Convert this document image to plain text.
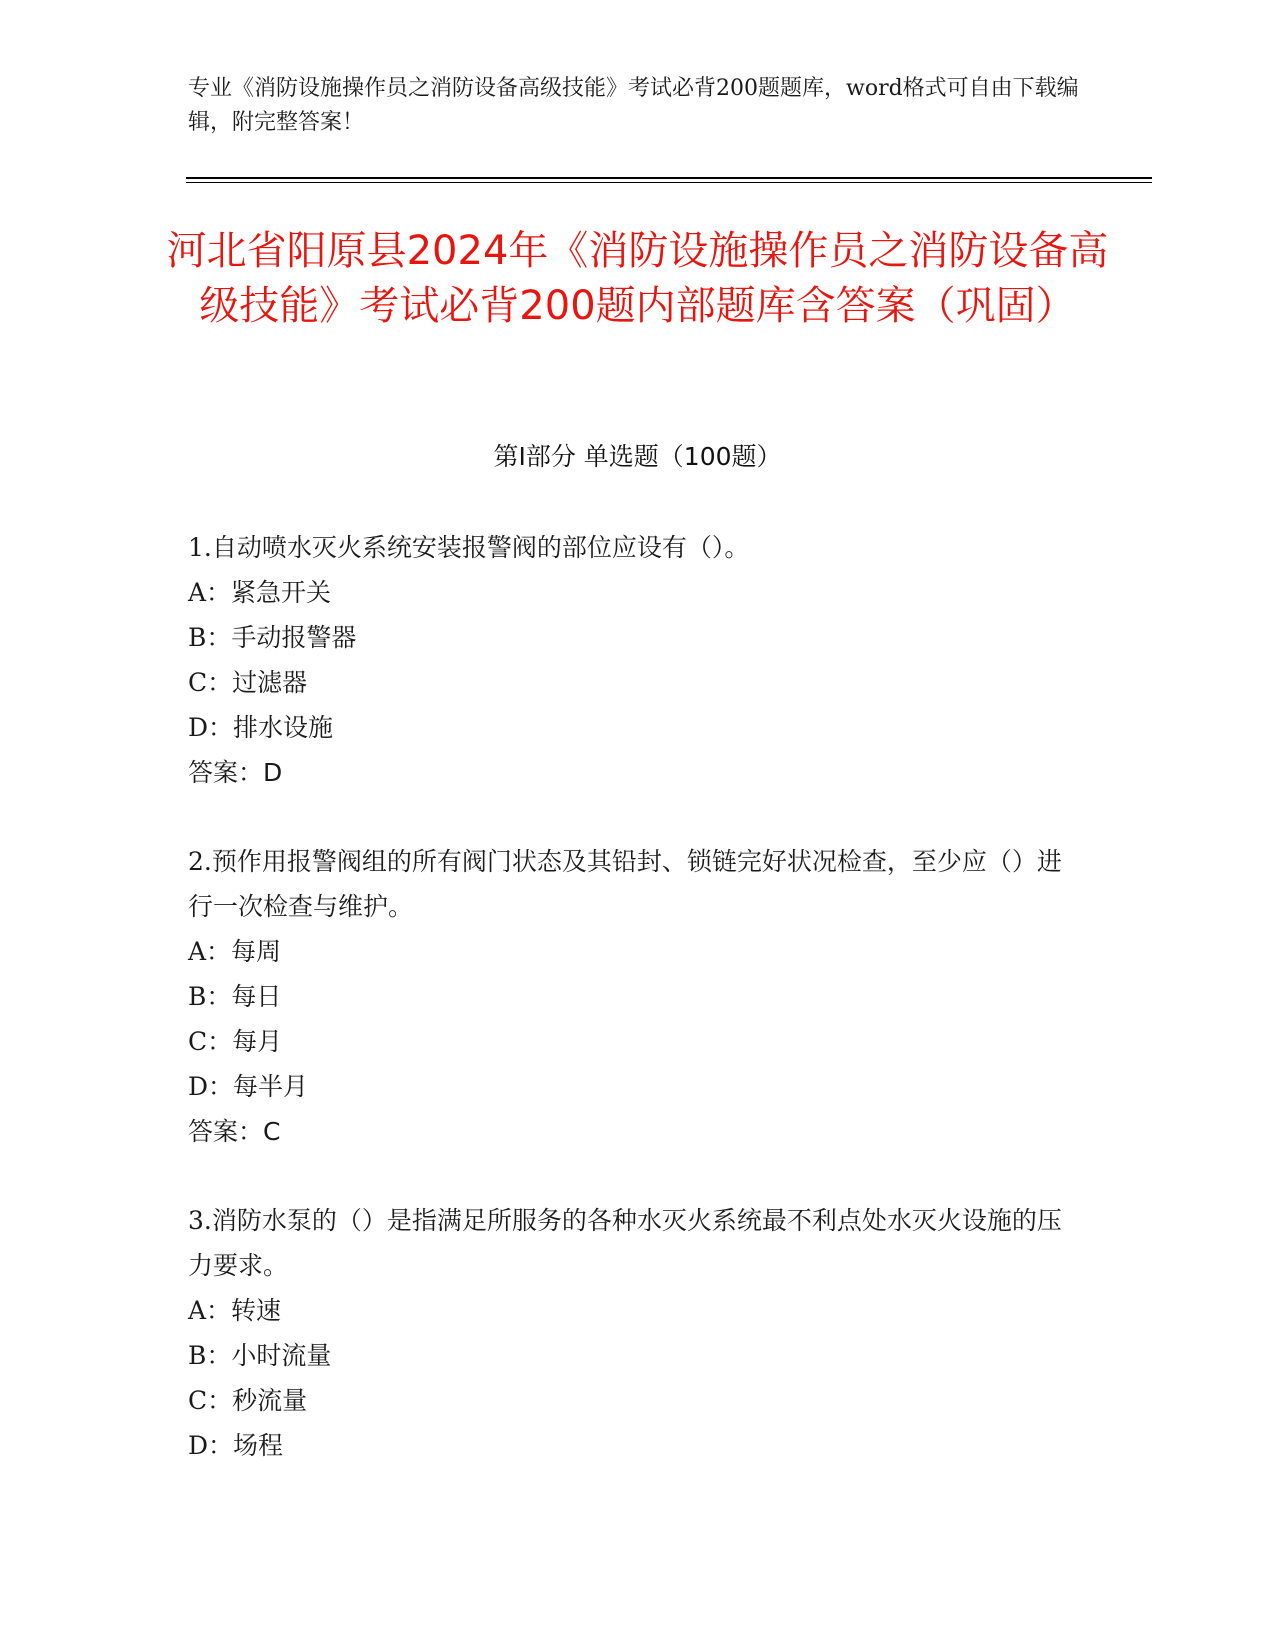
专业《消防设施操作员之消防设备高级技能》考试必背200题题库，word格式可自由下载编辑，附完整答案！
河北省阳原县2024年《消防设施操作员之消防设备高级技能》考试必背200题内部题库含答案（巩固）
第Ⅰ部分 单选题（100题）
1.自动喷水灭火系统安装报警阀的部位应设有（）。
A：紧急开关
B：手动报警器
C：过滤器
D：排水设施
答案：D
2.预作用报警阀组的所有阀门状态及其铅封、锁链完好状况检查，至少应（）进行一次检查与维护。
A：每周
B：每日
C：每月
D：每半月
答案：C
3.消防水泵的（）是指满足所服务的各种水灭火系统最不利点处水灭火设施的压力要求。
A：转速
B：小时流量
C：秒流量
D：场程
